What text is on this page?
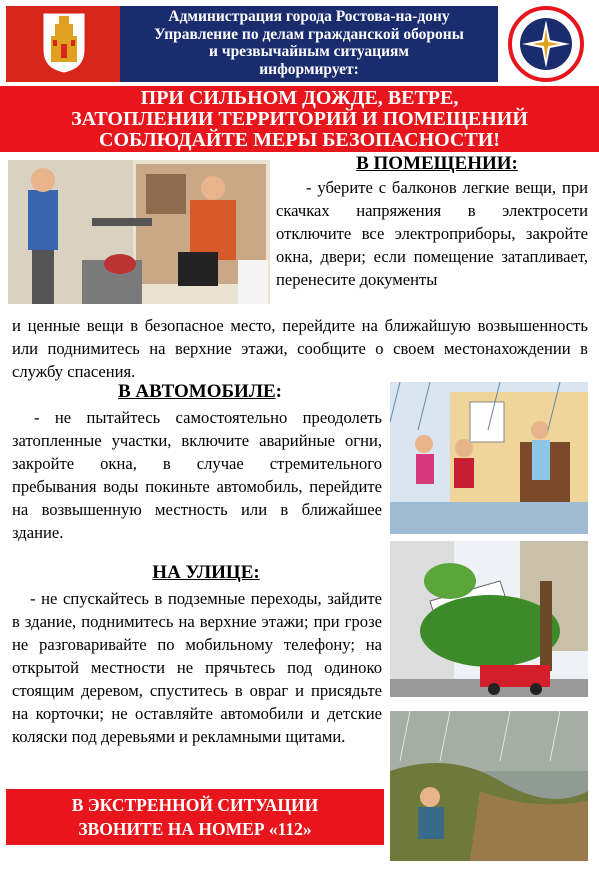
Администрация города Ростова-на-дону
Управление по делам гражданской обороны
и чрезвычайным ситуациям
информирует:
ПРИ СИЛЬНОМ ДОЖДЕ, ВЕТРЕ,
ЗАТОПЛЕНИИ ТЕРРИТОРИЙ И ПОМЕЩЕНИЙ
СОБЛЮДАЙТЕ МЕРЫ БЕЗОПАСНОСТИ!
В ПОМЕЩЕНИИ:
- уберите с балконов легкие вещи, при скачках напряжения в электросети отключите все электроприборы, закройте окна, двери; если помещение затапливает, перенесите документы
и ценные вещи в безопасное место, перейдите на ближайшую возвышенность или поднимитесь на верхние этажи, сообщите о своем местонахождении в службу спасения.
В АВТОМОБИЛЕ:
- не пытайтесь самостоятельно преодолеть затопленные участки, включите аварийные огни, закройте окна, в случае стремительного пребывания воды покиньте автомобиль, перейдите на возвышенную местность или в ближайшее здание.
НА УЛИЦЕ:
- не спускайтесь в подземные переходы, зайдите в здание, поднимитесь на верхние этажи; при грозе не разговаривайте по мобильному телефону; на открытой местности не прячьтесь под одиноко стоящим деревом, спуститесь в овраг и присядьте на корточки; не оставляйте автомобили и детские коляски под деревьями и рекламными щитами.
В ЭКСТРЕННОЙ СИТУАЦИИ
ЗВОНИТЕ НА НОМЕР «112»
